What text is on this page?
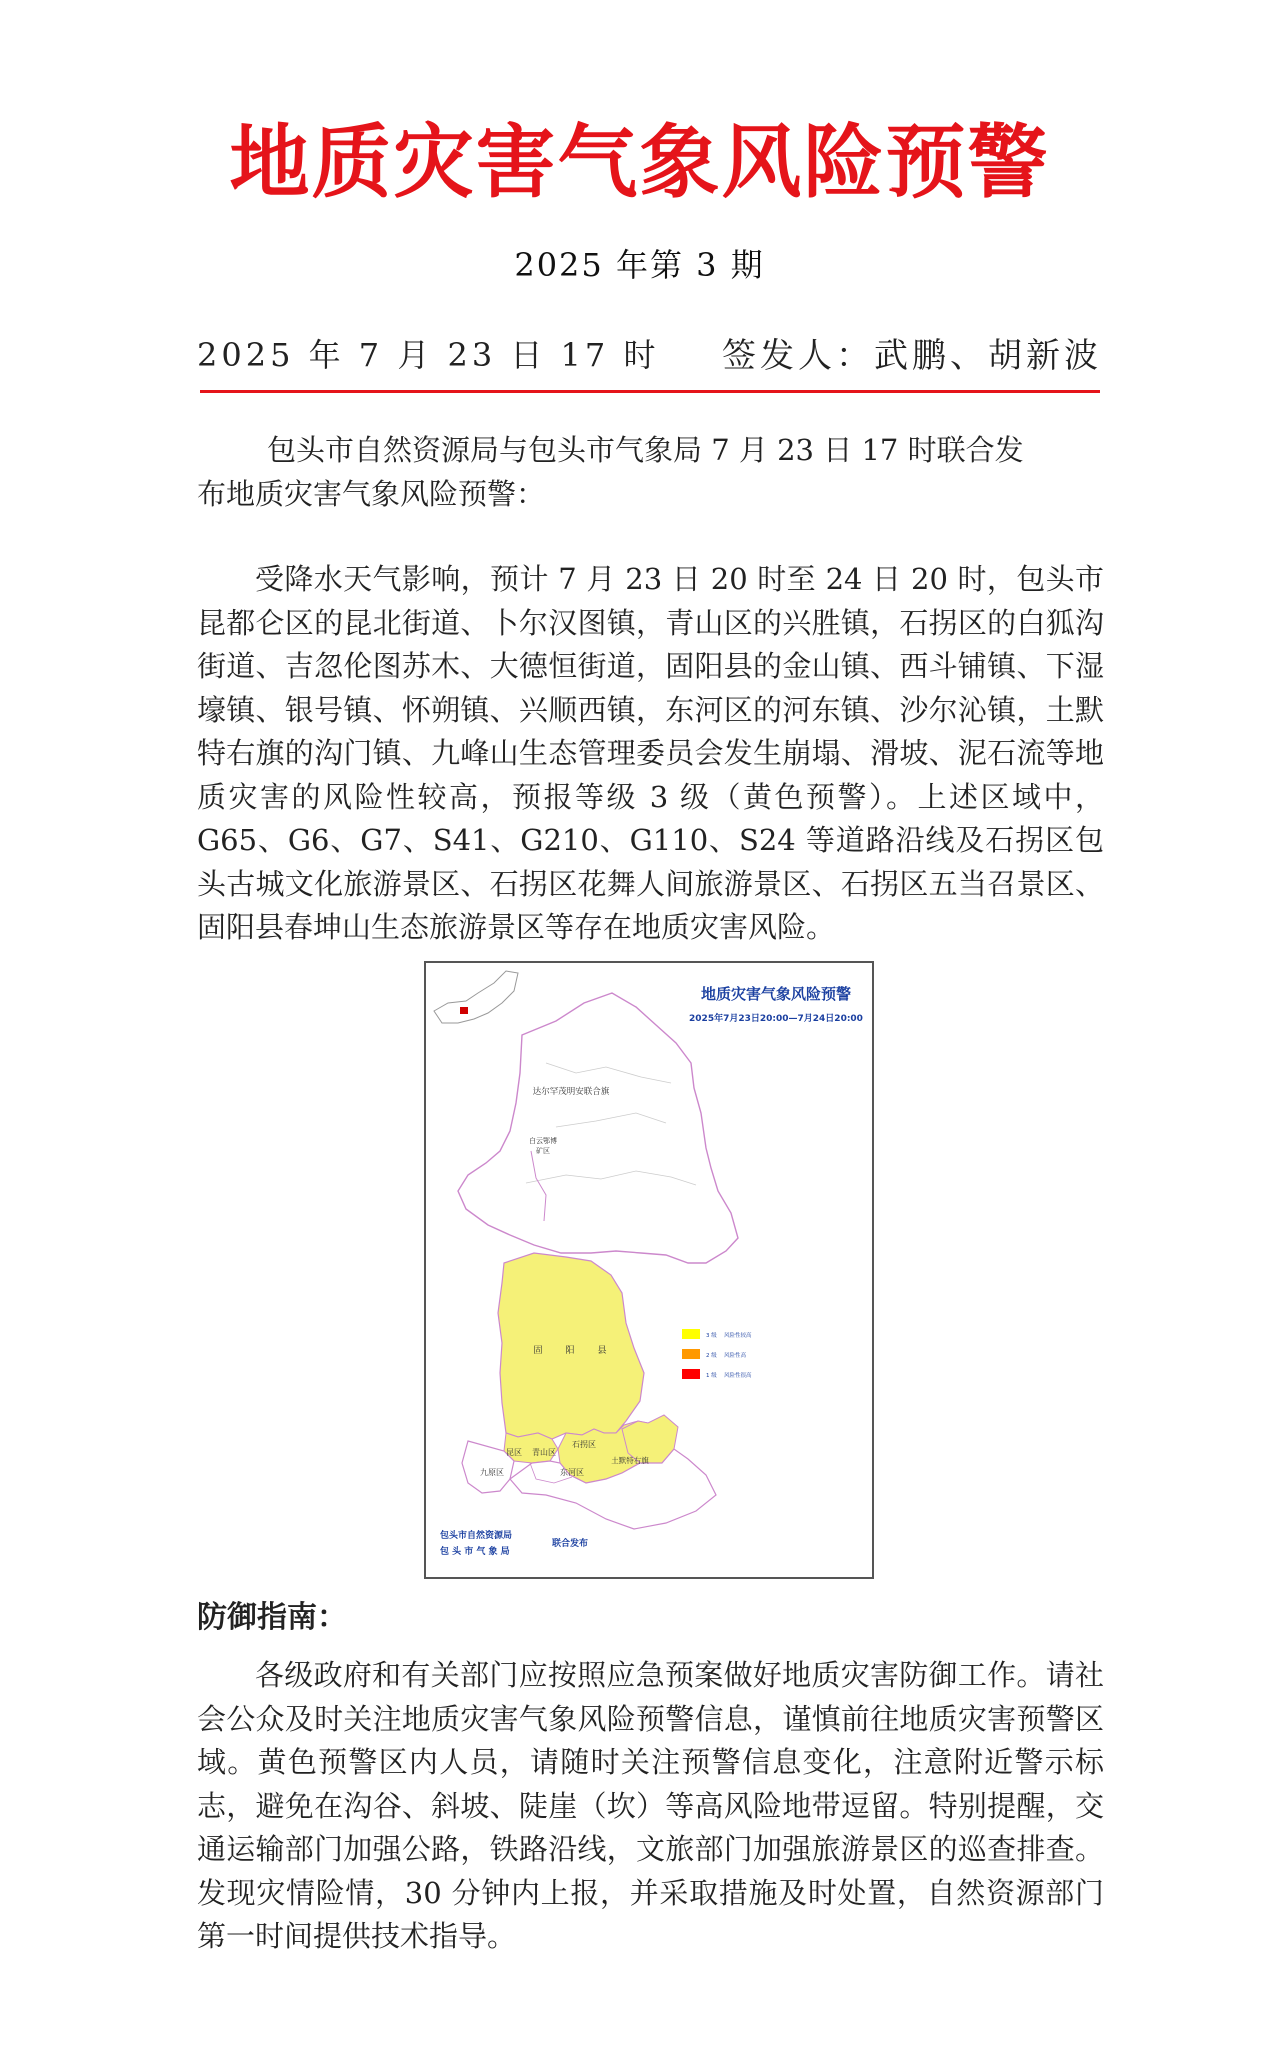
地质灾害气象风险预警
2025 年第 3 期
2025 年 7 月 23 日 17 时 签发人：武鹏、胡新波
包头市自然资源局与包头市气象局 7 月 23 日 17 时联合发
布地质灾害气象风险预警：
受降水天气影响，预计 7 月 23 日 20 时至 24 日 20 时，包头市昆都仑区的昆北街道、卜尔汉图镇，青山区的兴胜镇，石拐区的白狐沟街道、吉忽伦图苏木、大德恒街道，固阳县的金山镇、西斗铺镇、下湿壕镇、银号镇、怀朔镇、兴顺西镇，东河区的河东镇、沙尔沁镇，土默特右旗的沟门镇、九峰山生态管理委员会发生崩塌、滑坡、泥石流等地质灾害的风险性较高，预报等级 3 级（黄色预警）。上述区域中，G65、G6、G7、S41、G210、G110、S24 等道路沿线及石拐区包头古城文化旅游景区、石拐区花舞人间旅游景区、石拐区五当召景区、固阳县春坤山生态旅游景区等存在地质灾害风险。
地质灾害气象风险预警
2025年7月23日20:00—7月24日20:00
达尔罕茂明安联合旗
白云鄂博
矿区
固	阳	县
昆区 青山区
石拐区
九原区	东河区
土默特右旗
3 级 风险性较高
2 级 风险性高
1 级 风险性很高
包头市自然资源局
包 头 市 气 象 局
联合发布
防御指南：
各级政府和有关部门应按照应急预案做好地质灾害防御工作。请社会公众及时关注地质灾害气象风险预警信息，谨慎前往地质灾害预警区域。黄色预警区内人员，请随时关注预警信息变化，注意附近警示标志，避免在沟谷、斜坡、陡崖（坎）等高风险地带逗留。特别提醒，交通运输部门加强公路，铁路沿线，文旅部门加强旅游景区的巡查排查。发现灾情险情，30 分钟内上报，并采取措施及时处置，自然资源部门第一时间提供技术指导。
